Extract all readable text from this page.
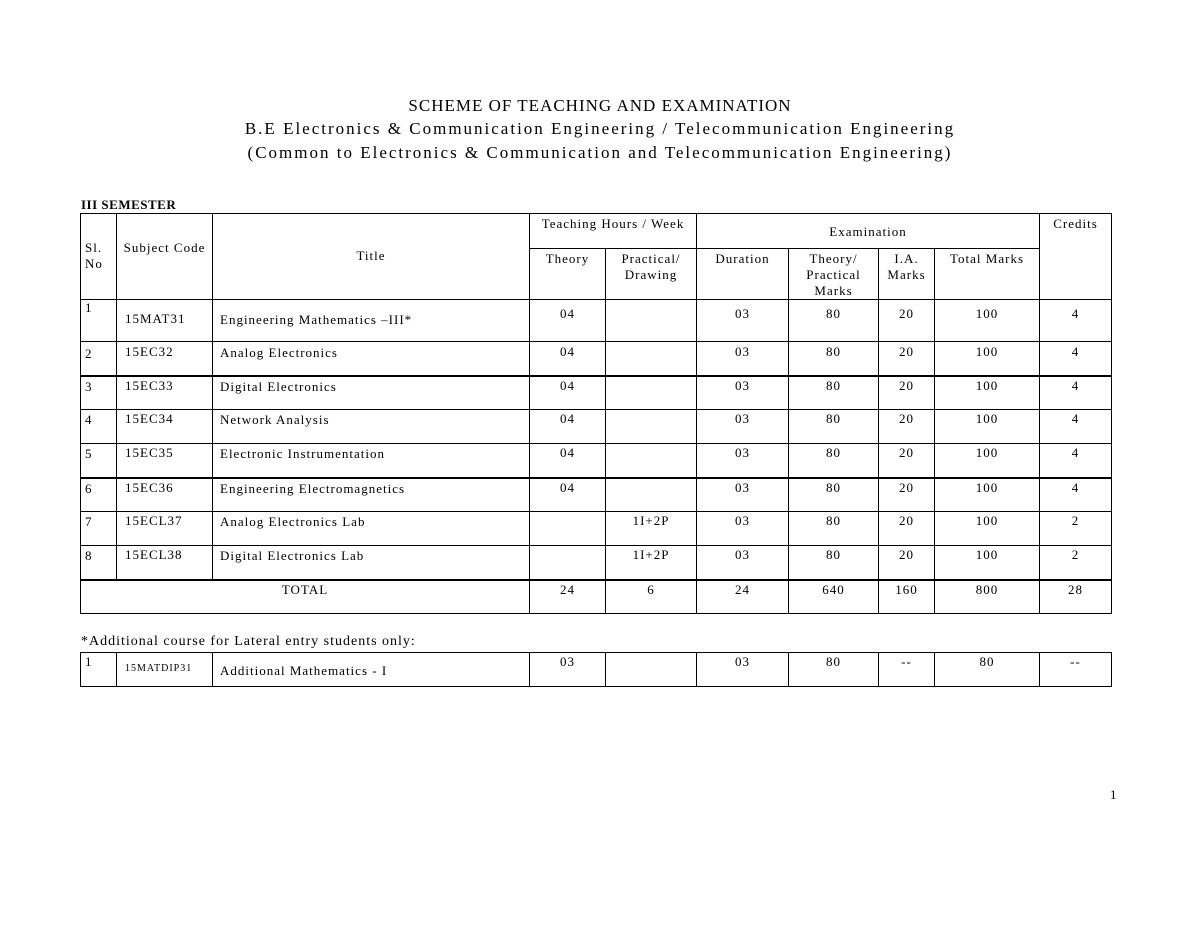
SCHEME OF TEACHING AND EXAMINATION
B.E Electronics & Communication Engineering / Telecommunication Engineering
(Common to Electronics & Communication and Telecommunication Engineering)
III SEMESTER
Sl. No	Subject Code	Title	Teaching Hours / Week		Examination				Credits
			Theory	Practical/ Drawing	Duration	Theory/ Practical Marks	I.A. Marks	Total Marks	
1	15MAT31	Engineering Mathematics –III*	04		03	80	20	100	4
2	15EC32	Analog Electronics	04		03	80	20	100	4
3	15EC33	Digital Electronics	04		03	80	20	100	4
4	15EC34	Network Analysis	04		03	80	20	100	4
5	15EC35	Electronic Instrumentation	04		03	80	20	100	4
6	15EC36	Engineering Electromagnetics	04		03	80	20	100	4
7	15ECL37	Analog Electronics Lab		1I+2P	03	80	20	100	2
8	15ECL38	Digital Electronics Lab		1I+2P	03	80	20	100	2
TOTAL			24	6	24	640	160	800	28
*Additional course for Lateral entry students only:
1	15MATDIP31	Additional Mathematics - I	03		03	80	--	80	--
1
